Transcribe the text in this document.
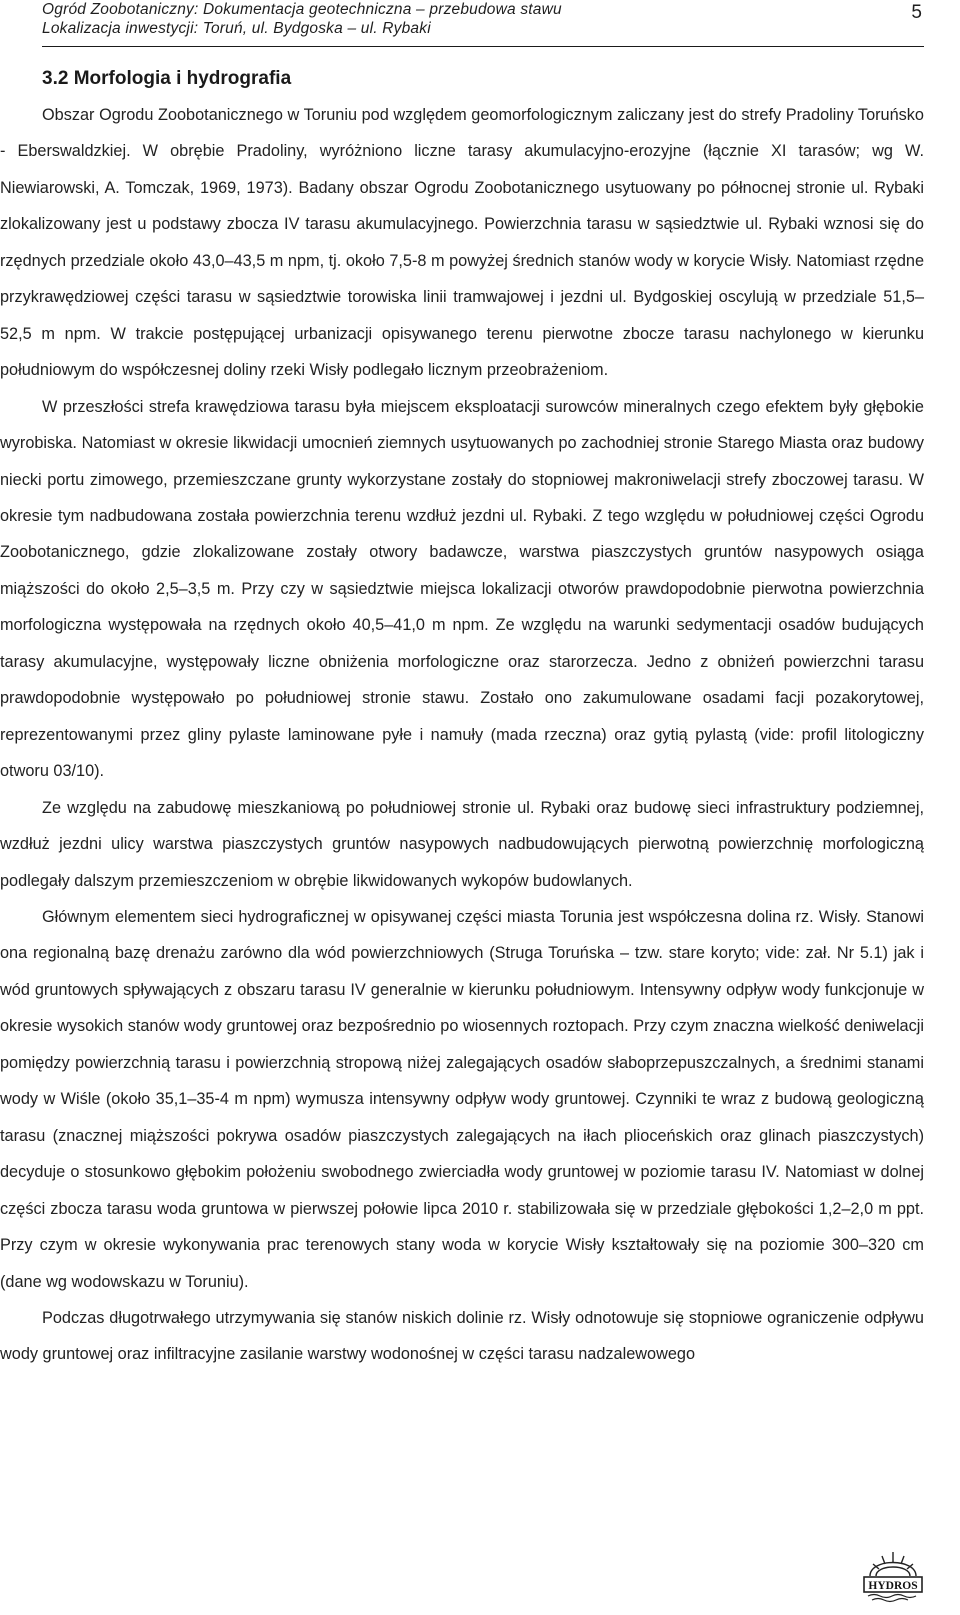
Ogród Zoobotaniczny: Dokumentacja geotechniczna – przebudowa stawu
Lokalizacja inwestycji: Toruń, ul. Bydgoska – ul. Rybaki
5
3.2 Morfologia i hydrografia

Obszar Ogrodu Zoobotanicznego w Toruniu pod względem geomorfologicznym zaliczany jest do strefy Pradoliny Toruńsko - Eberswaldzkiej. W obrębie Pradoliny, wyróżniono liczne tarasy akumulacyjno-erozyjne (łącznie XI tarasów; wg W. Niewiarowski, A. Tomczak, 1969, 1973). Badany obszar Ogrodu Zoobotanicznego usytuowany po północnej stronie ul. Rybaki zlokalizowany jest u podstawy zbocza IV tarasu akumulacyjnego. Powierzchnia tarasu w sąsiedztwie ul. Rybaki wznosi się do rzędnych przedziale około 43,0–43,5 m npm, tj. około 7,5-8 m powyżej średnich stanów wody w korycie Wisły. Natomiast rzędne przykrawędziowej części tarasu w sąsiedztwie torowiska linii tramwajowej i jezdni ul. Bydgoskiej oscylują w przedziale 51,5–52,5 m npm. W trakcie postępującej urbanizacji opisywanego terenu pierwotne zbocze tarasu nachylonego w kierunku południowym do współczesnej doliny rzeki Wisły podlegało licznym przeobrażeniom.

W przeszłości strefa krawędziowa tarasu była miejscem eksploatacji surowców mineralnych czego efektem były głębokie wyrobiska. Natomiast w okresie likwidacji umocnień ziemnych usytuowanych po zachodniej stronie Starego Miasta oraz budowy niecki portu zimowego, przemieszczane grunty wykorzystane zostały do stopniowej makroniwelacji strefy zboczowej tarasu. W okresie tym nadbudowana została powierzchnia terenu wzdłuż jezdni ul. Rybaki. Z tego względu w południowej części Ogrodu Zoobotanicznego, gdzie zlokalizowane zostały otwory badawcze, warstwa piaszczystych gruntów nasypowych osiąga miąższości do około 2,5–3,5 m. Przy czy w sąsiedztwie miejsca lokalizacji otworów prawdopodobnie pierwotna powierzchnia morfologiczna występowała na rzędnych około 40,5–41,0 m npm. Ze względu na warunki sedymentacji osadów budujących tarasy akumulacyjne, występowały liczne obniżenia morfologiczne oraz starorzecza. Jedno z obniżeń powierzchni tarasu prawdopodobnie występowało po południowej stronie stawu. Zostało ono zakumulowane osadami facji pozakorytowej, reprezentowanymi przez gliny pylaste laminowane pyłe i namuły (mada rzeczna) oraz gytią pylastą (vide: profil litologiczny otworu 03/10).

Ze względu na zabudowę mieszkaniową po południowej stronie ul. Rybaki oraz budowę sieci infrastruktury podziemnej, wzdłuż jezdni ulicy warstwa piaszczystych gruntów nasypowych nadbudowujących pierwotną powierzchnię morfologiczną podlegały dalszym przemieszczeniom w obrębie likwidowanych wykopów budowlanych.

Głównym elementem sieci hydrograficznej w opisywanej części miasta Torunia jest współczesna dolina rz. Wisły. Stanowi ona regionalną bazę drenażu zarówno dla wód powierzchniowych (Struga Toruńska – tzw. stare koryto; vide: zał. Nr 5.1) jak i wód gruntowych spływających z obszaru tarasu IV generalnie w kierunku południowym. Intensywny odpływ wody funkcjonuje w okresie wysokich stanów wody gruntowej oraz bezpośrednio po wiosennych roztopach. Przy czym znaczna wielkość deniwelacji pomiędzy powierzchnią tarasu i powierzchnią stropową niżej zalegających osadów słaboprzepuszczalnych, a średnimi stanami wody w Wiśle (około 35,1–35-4 m npm) wymusza intensywny odpływ wody gruntowej. Czynniki te wraz z budową geologiczną tarasu (znacznej miąższości pokrywa osadów piaszczystych zalegających na iłach plioceńskich oraz glinach piaszczystych) decyduje o stosunkowo głębokim położeniu swobodnego zwierciadła wody gruntowej w poziomie tarasu IV. Natomiast w dolnej części zbocza tarasu woda gruntowa w pierwszej połowie lipca 2010 r. stabilizowała się w przedziale głębokości 1,2–2,0 m ppt. Przy czym w okresie wykonywania prac terenowych stany woda w korycie Wisły kształtowały się na poziomie 300–320 cm (dane wg wodowskazu w Toruniu).

Podczas długotrwałego utrzymywania się stanów niskich dolinie rz. Wisły odnotowuje się stopniowe ograniczenie odpływu wody gruntowej oraz infiltracyjne zasilanie warstwy wodonośnej w części tarasu nadzalewowego

HYDROS
